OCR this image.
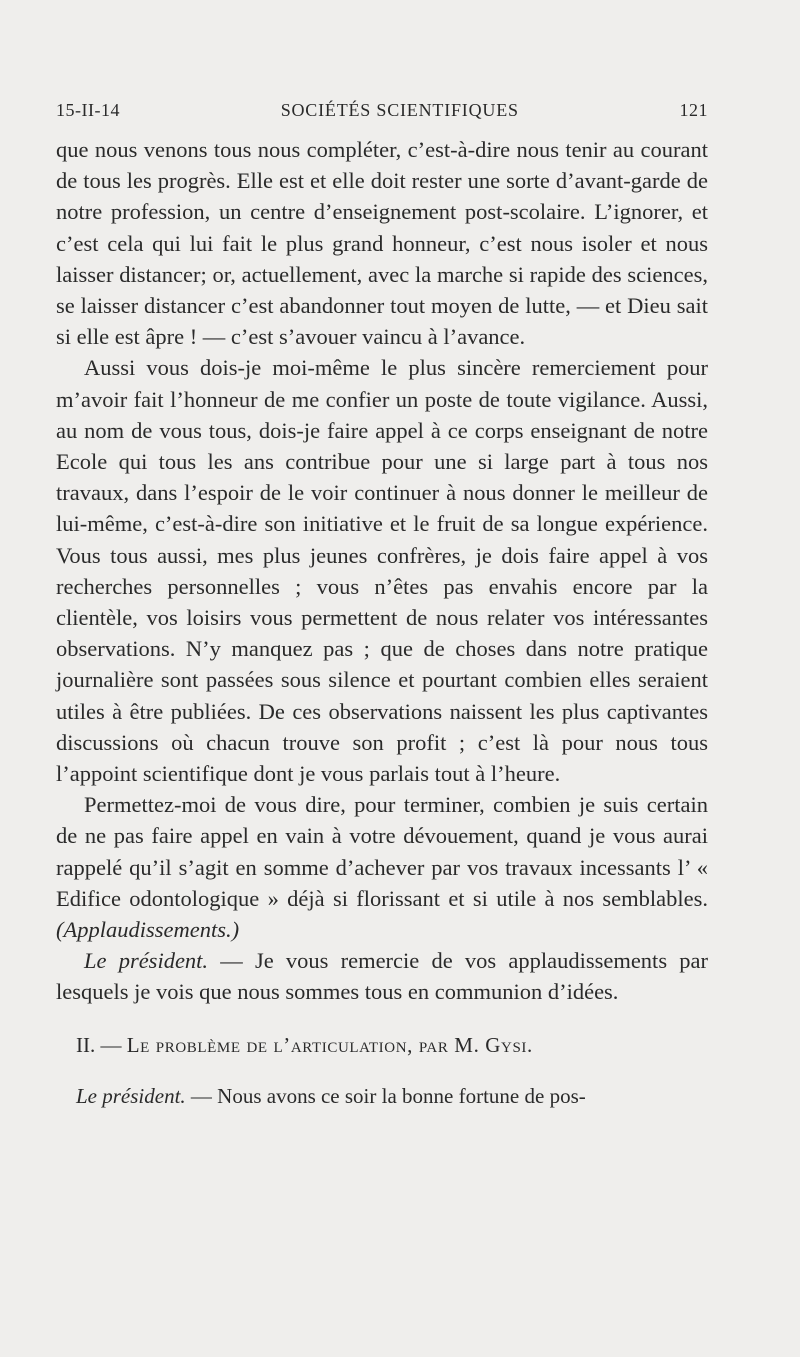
15-II-14	SOCIÉTÉS SCIENTIFIQUES	121

que nous venons tous nous compléter, c’est-à-dire nous tenir au courant de tous les progrès. Elle est et elle doit rester une sorte d’avant-garde de notre profession, un centre d’enseignement post-scolaire. L’ignorer, et c’est cela qui lui fait le plus grand honneur, c’est nous isoler et nous laisser distancer; or, actuellement, avec la marche si rapide des sciences, se laisser distancer c’est abandonner tout moyen de lutte, — et Dieu sait si elle est âpre ! — c’est s’avouer vaincu à l’avance.

Aussi vous dois-je moi-même le plus sincère remerciement pour m’avoir fait l’honneur de me confier un poste de toute vigilance. Aussi, au nom de vous tous, dois-je faire appel à ce corps enseignant de notre Ecole qui tous les ans contribue pour une si large part à tous nos travaux, dans l’espoir de le voir continuer à nous donner le meilleur de lui-même, c’est-à-dire son initiative et le fruit de sa longue expérience. Vous tous aussi, mes plus jeunes confrères, je dois faire appel à vos recherches personnelles ; vous n’êtes pas envahis encore par la clientèle, vos loisirs vous permettent de nous relater vos intéressantes observations. N’y manquez pas ; que de choses dans notre pratique journalière sont passées sous silence et pourtant combien elles seraient utiles à être publiées. De ces observations naissent les plus captivantes discussions où chacun trouve son profit ; c’est là pour nous tous l’appoint scientifique dont je vous parlais tout à l’heure.

Permettez-moi de vous dire, pour terminer, combien je suis certain de ne pas faire appel en vain à votre dévouement, quand je vous aurai rappelé qu’il s’agit en somme d’achever par vos travaux incessants l’ « Edifice odontologique » déjà si florissant et si utile à nos semblables. (Applaudissements.)

Le président. — Je vous remercie de vos applaudissements par lesquels je vois que nous sommes tous en communion d’idées.

II. — Le problème de l’articulation, par M. Gysi.

Le président. — Nous avons ce soir la bonne fortune de pos-
